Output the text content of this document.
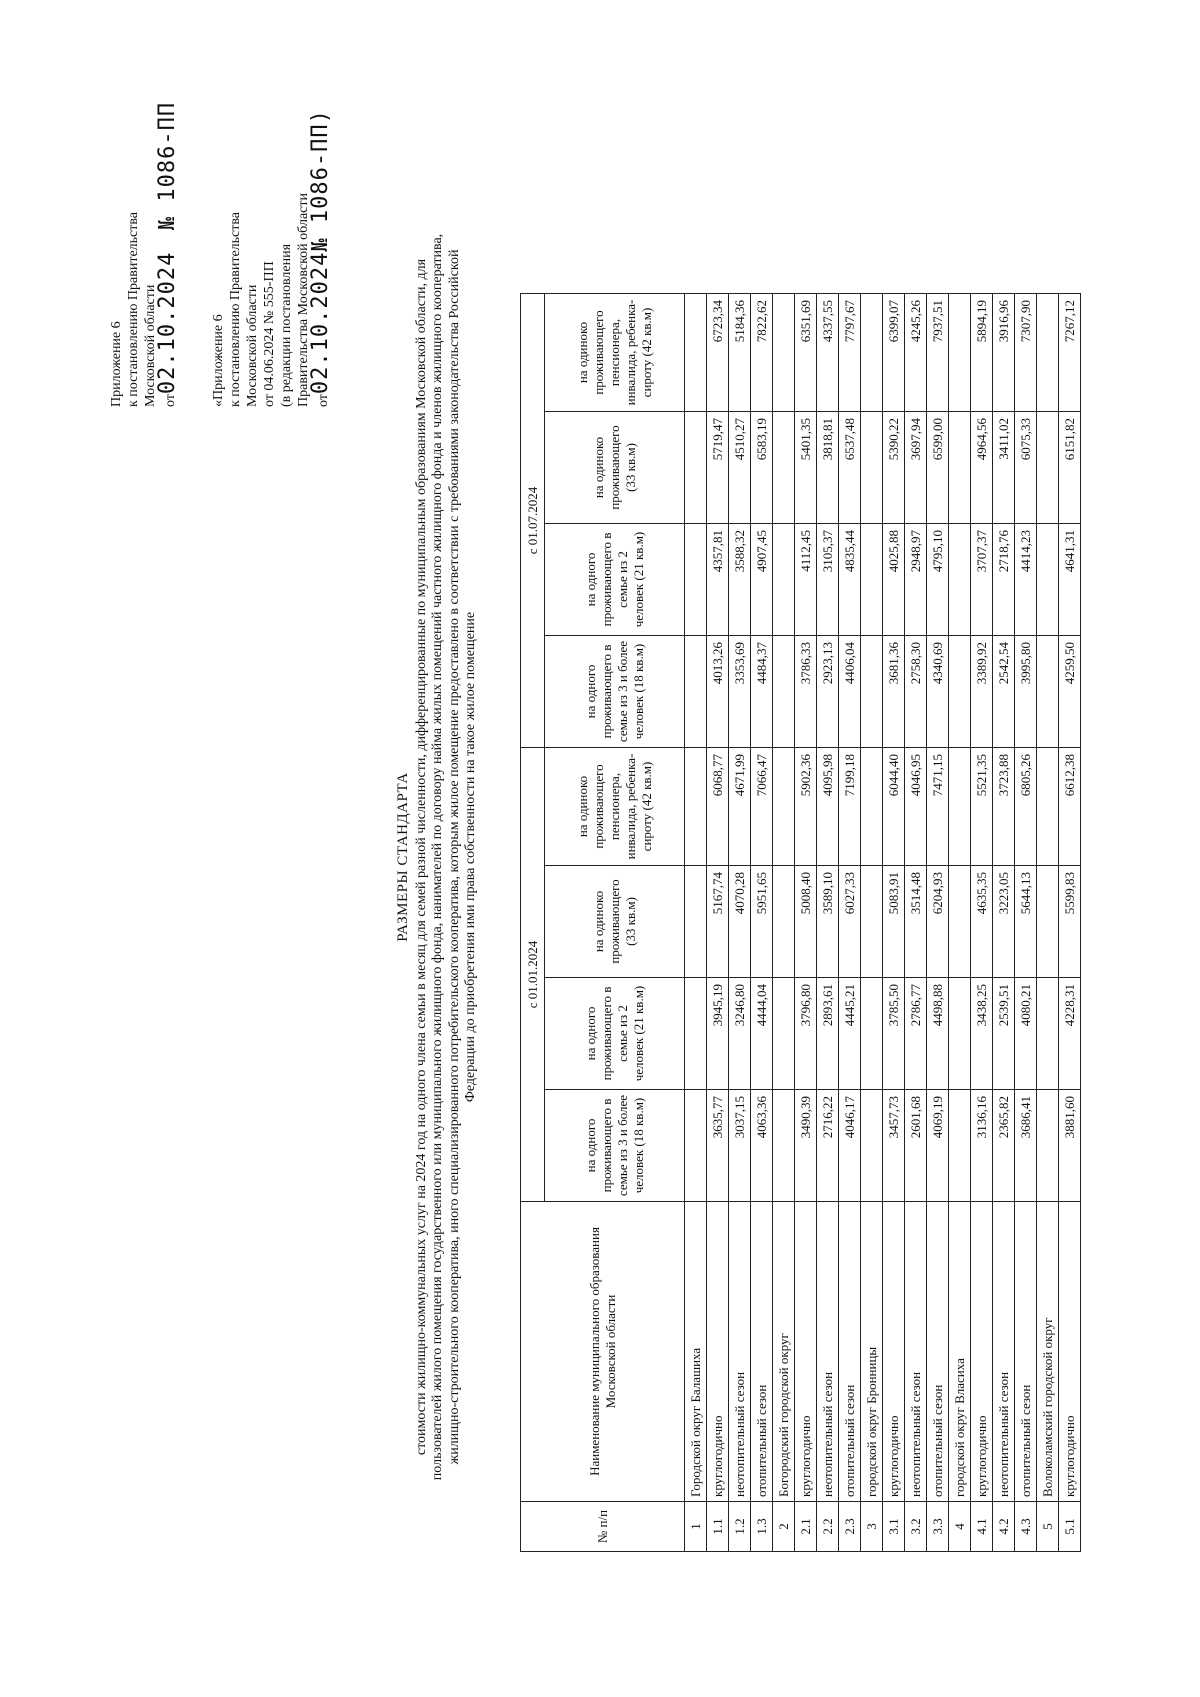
Приложение 6 к постановлению Правительства Московской области от02.10.2024 № 1086-ПП
«Приложение 6 к постановлению Правительства Московской области от 04.06.2024 № 555-ПП (в редакции постановления Правительства Московской области от02.10.2024№ 1086-ПП)
РАЗМЕРЫ СТАНДАРТА стоимости жилищно-коммунальных услуг на 2024 год на одного члена семьи в месяц для семей разной численности, дифференцированные по муниципальным образованиям Московской области, для пользователей жилого помещения государственного или муниципального жилищного фонда, нанимателей по договору найма жилых помещений частного жилищного фонда и членов жилищного кооператива, жилищно-строительного кооператива, иного специализированного потребительского кооператива, которым жилое помещение предоставлено в соответствии с требованиями законодательства Российской Федерации до приобретения ими права собственности на такое жилое помещение
№ п/п	Наименование муниципального образования Московской области	с 01.01.2024				с 01.07.2024			
		на одного проживающего в семье из 3 и более человек (18 кв.м)	на одного проживающего в семье из 2 человек (21 кв.м)	на одиноко проживающего (33 кв.м)	на одиноко проживающего пенсионера, инвалида, ребенка-сироту (42 кв.м)	на одного проживающего в семье из 3 и более человек (18 кв.м)	на одного проживающего в семье из 2 человек (21 кв.м)	на одиноко проживающего (33 кв.м)	на одиноко проживающего пенсионера, инвалида, ребенка-сироту (42 кв.м)
1	Городской округ Балашиха								
1.1	круглогодично	3635,77	3945,19	5167,74	6068,77	4013,26	4357,81	5719,47	6723,34
1.2	неотопительный сезон	3037,15	3246,80	4070,28	4671,99	3353,69	3588,32	4510,27	5184,36
1.3	отопительный сезон	4063,36	4444,04	5951,65	7066,47	4484,37	4907,45	6583,19	7822,62
2	Богородский городской округ								
2.1	круглогодично	3490,39	3796,80	5008,40	5902,36	3786,33	4112,45	5401,35	6351,69
2.2	неотопительный сезон	2716,22	2893,61	3589,10	4095,98	2923,13	3105,37	3818,81	4337,55
2.3	отопительный сезон	4046,17	4445,21	6027,33	7199,18	4406,04	4835,44	6537,48	7797,67
3	городской округ Бронницы								
3.1	круглогодично	3457,73	3785,50	5083,91	6044,40	3681,36	4025,88	5390,22	6399,07
3.2	неотопительный сезон	2601,68	2786,77	3514,48	4046,95	2758,30	2948,97	3697,94	4245,26
3.3	отопительный сезон	4069,19	4498,88	6204,93	7471,15	4340,69	4795,10	6599,00	7937,51
4	городской округ Власиха								
4.1	круглогодично	3136,16	3438,25	4635,35	5521,35	3389,92	3707,37	4964,56	5894,19
4.2	неотопительный сезон	2365,82	2539,51	3223,05	3723,88	2542,54	2718,76	3411,02	3916,96
4.3	отопительный сезон	3686,41	4080,21	5644,13	6805,26	3995,80	4414,23	6075,33	7307,90
5	Волоколамский городской округ								
5.1	круглогодично	3881,60	4228,31	5599,83	6612,38	4259,50	4641,31	6151,82	7267,12
